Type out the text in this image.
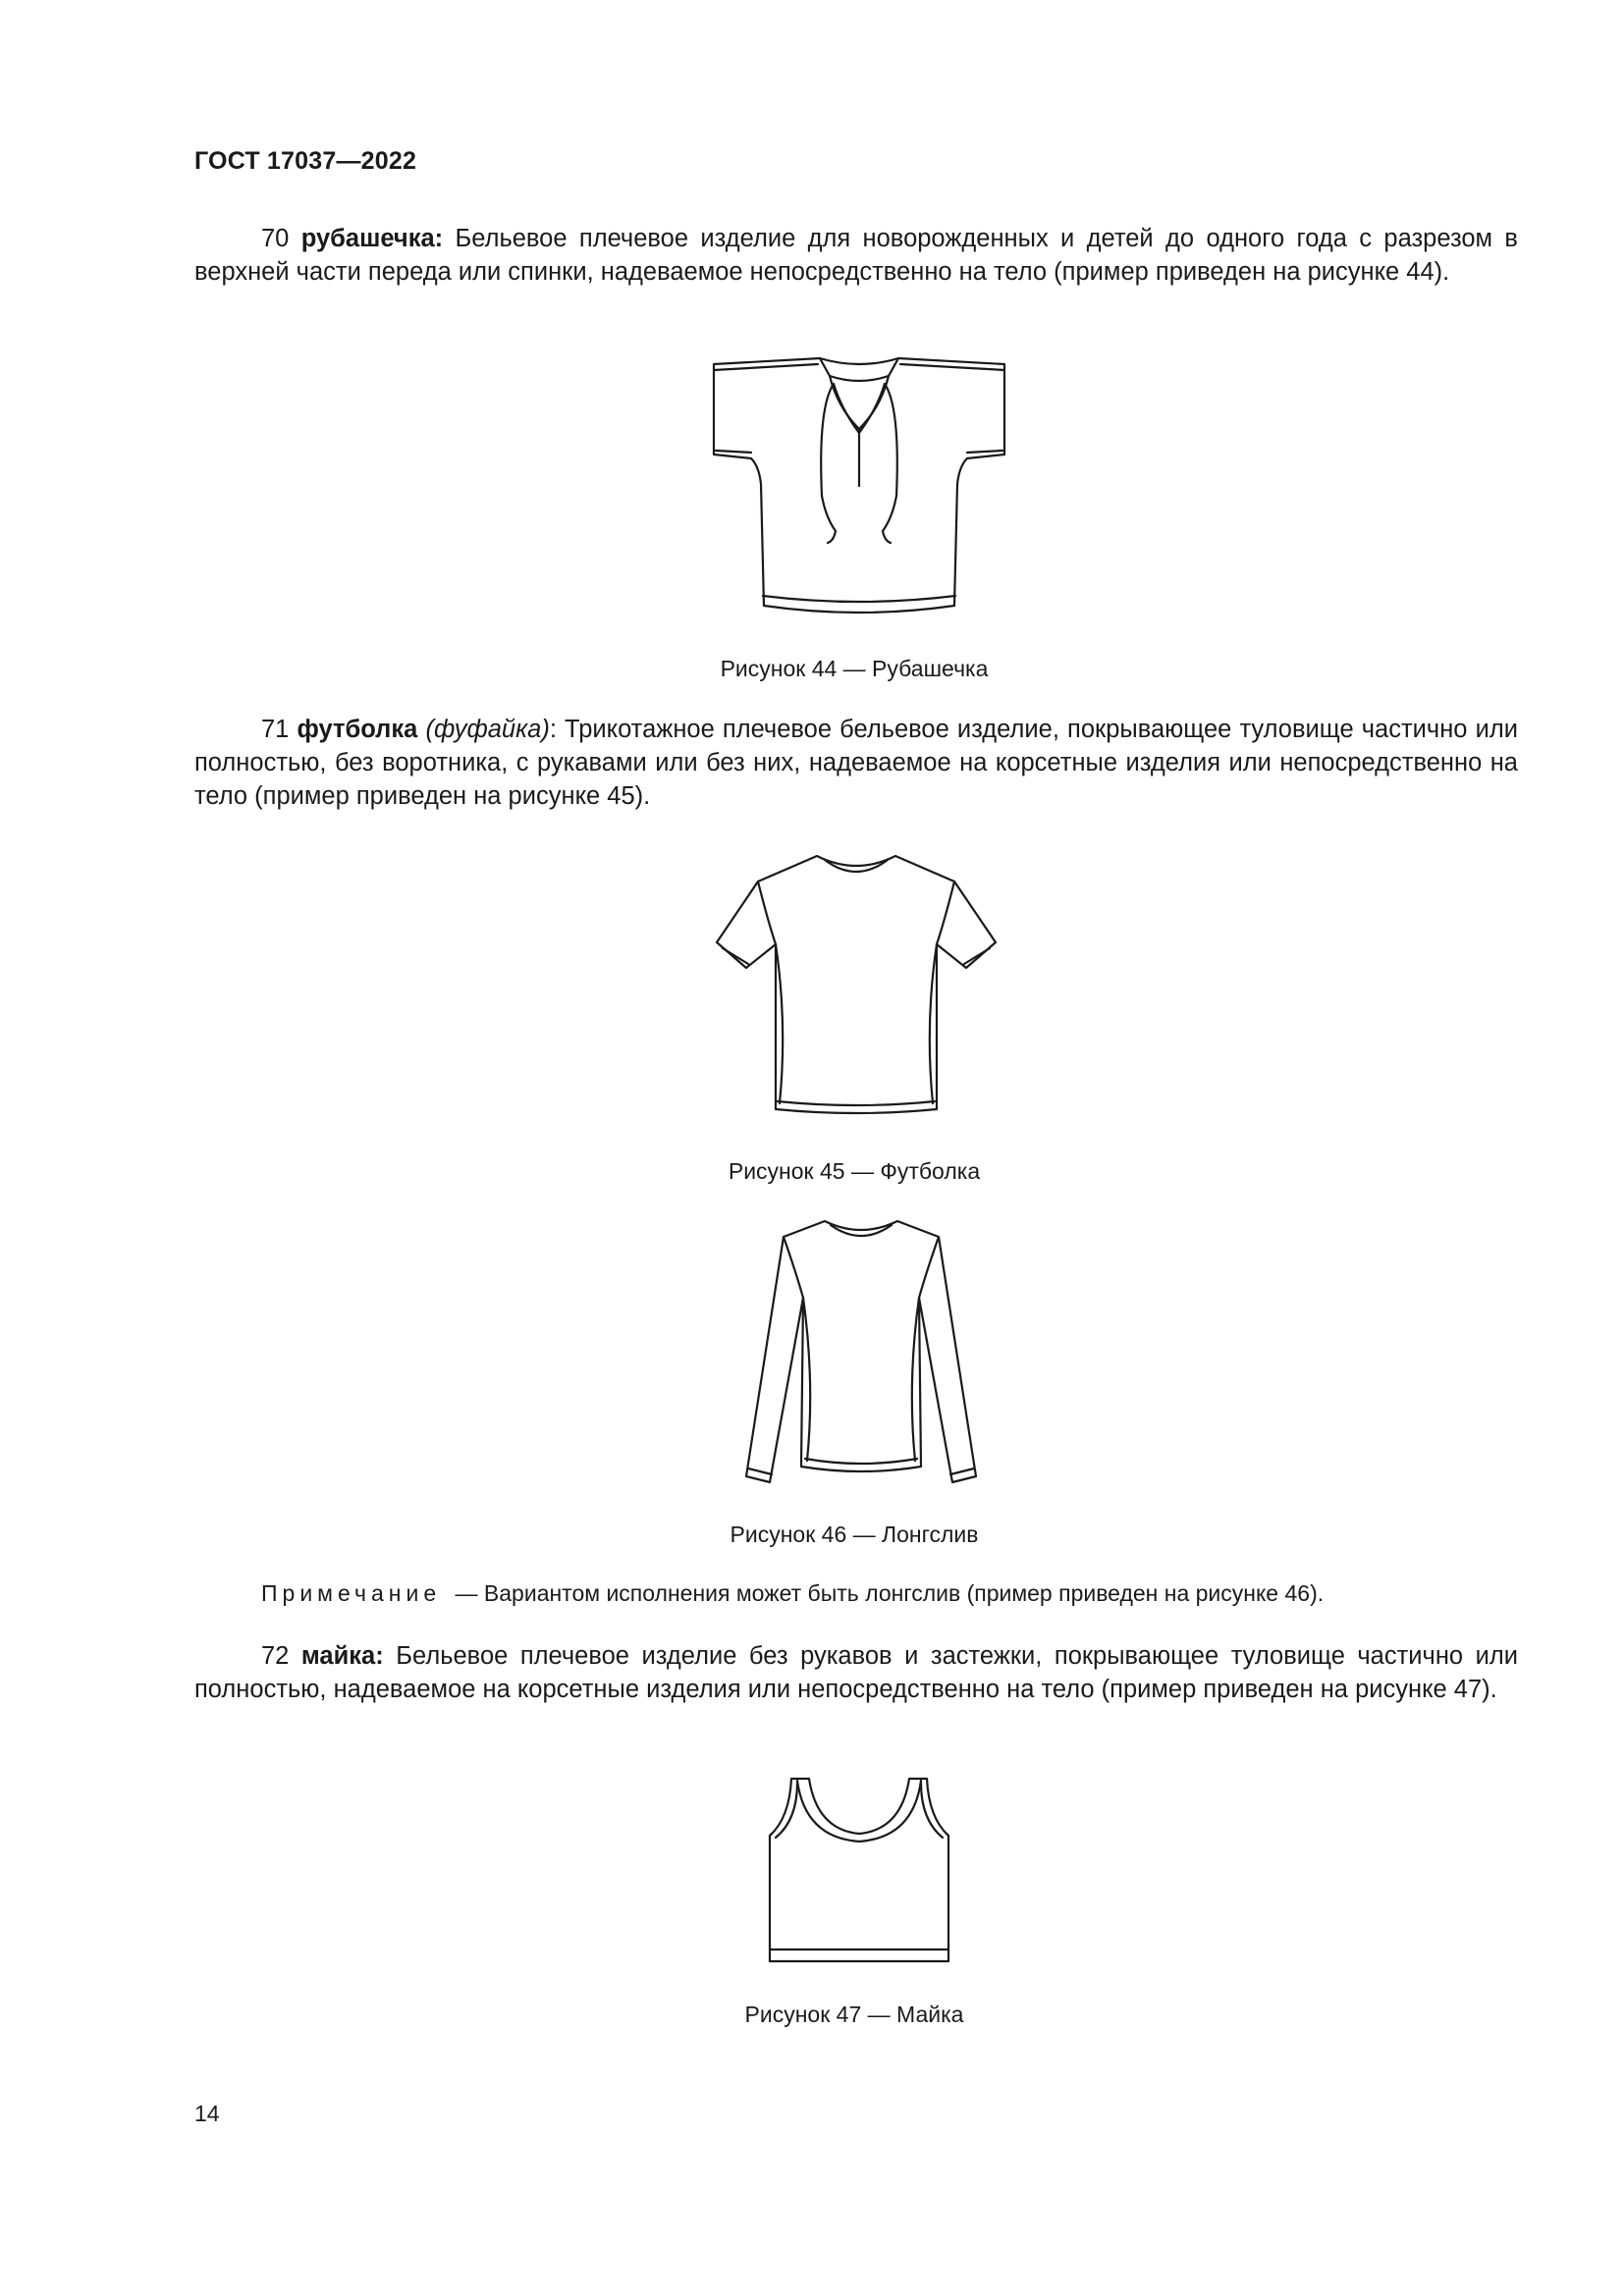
ГОСТ 17037—2022
70 рубашечка: Бельевое плечевое изделие для новорожденных и детей до одного года с разрезом в верхней части переда или спинки, надеваемое непосредственно на тело (пример приведен на рисунке 44).
Рисунок 44 — Рубашечка
71 футболка (фуфайка): Трикотажное плечевое бельевое изделие, покрывающее туловище частично или полностью, без воротника, с рукавами или без них, надеваемое на корсетные изделия или непосредственно на тело (пример приведен на рисунке 45).
Рисунок 45 — Футболка
Рисунок 46 — Лонгслив
Примечание — Вариантом исполнения может быть лонгслив (пример приведен на рисунке 46).
72 майка: Бельевое плечевое изделие без рукавов и застежки, покрывающее туловище частично или полностью, надеваемое на корсетные изделия или непосредственно на тело (пример приведен на рисунке 47).
Рисунок 47 — Майка
14
